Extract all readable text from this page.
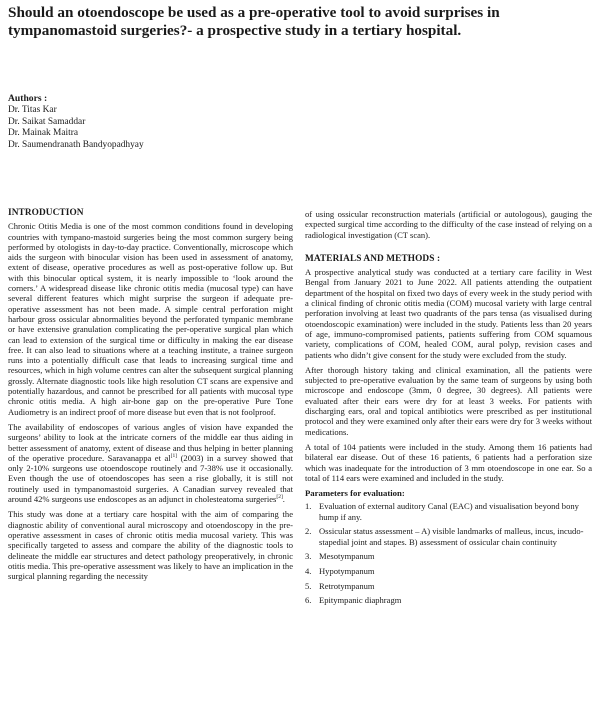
Should an otoendoscope be used as a pre-operative tool to avoid surprises in tympanomastoid surgeries?- a prospective study in a tertiary hospital.
Authors :
Dr. Titas Kar
Dr. Saikat Samaddar
Dr. Mainak Maitra
Dr. Saumendranath Bandyopadhyay
INTRODUCTION

Chronic Otitis Media is one of the most common conditions found in developing countries with tympano-mastoid surgeries being the most common surgery being performed by otologists in day-to-day practice. Conventionally, microscope which aids the surgeon with binocular vision has been used in assessment of anatomy, extent of disease, operative procedures as well as post-operative follow up. But with this binocular optical system, it is nearly impossible to ‘look around the corners.’ A widespread disease like chronic otitis media (mucosal type) can have several different features which might surprise the surgeon if adequate pre-operative assessment has not been made. A simple central perforation might harbour gross ossicular abnormalities beyond the perforated tympanic membrane or have extensive granulation complicating the per-operative surgical plan which can lead to extension of the surgical time or difficulty in making the ear disease free. It can also lead to situations where at a teaching institute, a trainee surgeon runs into a potentially difficult case that leads to increasing surgical time and resources, which in high volume centres can alter the subsequent surgical planning grossly. Alternate diagnostic tools like high resolution CT scans are expensive and potentially hazardous, and cannot be prescribed for all patients with mucosal type chronic otitis media. A high air-bone gap on the pre-operative Pure Tone Audiometry is an indirect proof of more disease but even that is not foolproof.

The availability of endoscopes of various angles of vision have expanded the surgeons’ ability to look at the intricate corners of the middle ear thus aiding in better assessment of anatomy, extent of disease and thus helping in better planning of the operative procedure. Saravanappa et al[1] (2003) in a survey showed that only 2-10% surgeons use otoendoscope routinely and 7-38% use it occasionally. Even though the use of otoendoscopes has seen a rise globally, it is still not routinely used in tympanomastoid surgeries. A Canadian survey revealed that around 42% surgeons use endoscopes as an adjunct in cholesteatoma surgeries[2].

This study was done at a tertiary care hospital with the aim of comparing the diagnostic ability of conventional aural microscopy and otoendoscopy in the pre-operative assessment in cases of chronic otitis media mucosal variety. This was specifically targeted to assess and compare the ability of the diagnostic tools to delineate the middle ear structures and detect pathology preoperatively, in chronic otitis media. This pre-operative assessment was likely to have an implication in the surgical planning regarding the necessity

of using ossicular reconstruction materials (artificial or autologous), gauging the expected surgical time according to the difficulty of the case instead of relying on a radiological investigation (CT scan).

MATERIALS AND METHODS :

A prospective analytical study was conducted at a tertiary care facility in West Bengal from January 2021 to June 2022. All patients attending the outpatient department of the hospital on fixed two days of every week in the study period with a clinical finding of chronic otitis media (COM) mucosal variety with large central perforation involving at least two quadrants of the pars tensa (as visualised during otoendoscopic examination) were included in the study. Patients less than 20 years of age, immuno-compromised patients, patients suffering from COM squamous variety, complications of COM, healed COM, aural polyp, revision cases and patients who didn’t give consent for the study were excluded from the study.

After thorough history taking and clinical examination, all the patients were subjected to pre-operative evaluation by the same team of surgeons by using both microscope and endoscope (3mm, 0 degree, 30 degrees). All patients were evaluated after their ears were dry for at least 3 weeks. For patients with discharging ears, oral and topical antibiotics were prescribed as per institutional protocol and they were examined only after their ears were dry for 3 weeks without medications.

A total of 104 patients were included in the study. Among them 16 patients had bilateral ear disease. Out of these 16 patients, 6 patients had a perforation size which was inadequate for the introduction of 3 mm otoendoscope in one ear. So a total of 114 ears were examined and included in the study.

Parameters for evaluation:
1. Evaluation of external auditory Canal (EAC) and visualisation beyond bony hump if any.
2. Ossicular status assessment – A) visible landmarks of malleus, incus, incudo-stapedial joint and stapes. B) assessment of ossicular chain continuity
3. Mesotympanum
4. Hypotympanum
5. Retrotympanum
6. Epitympanic diaphragm
